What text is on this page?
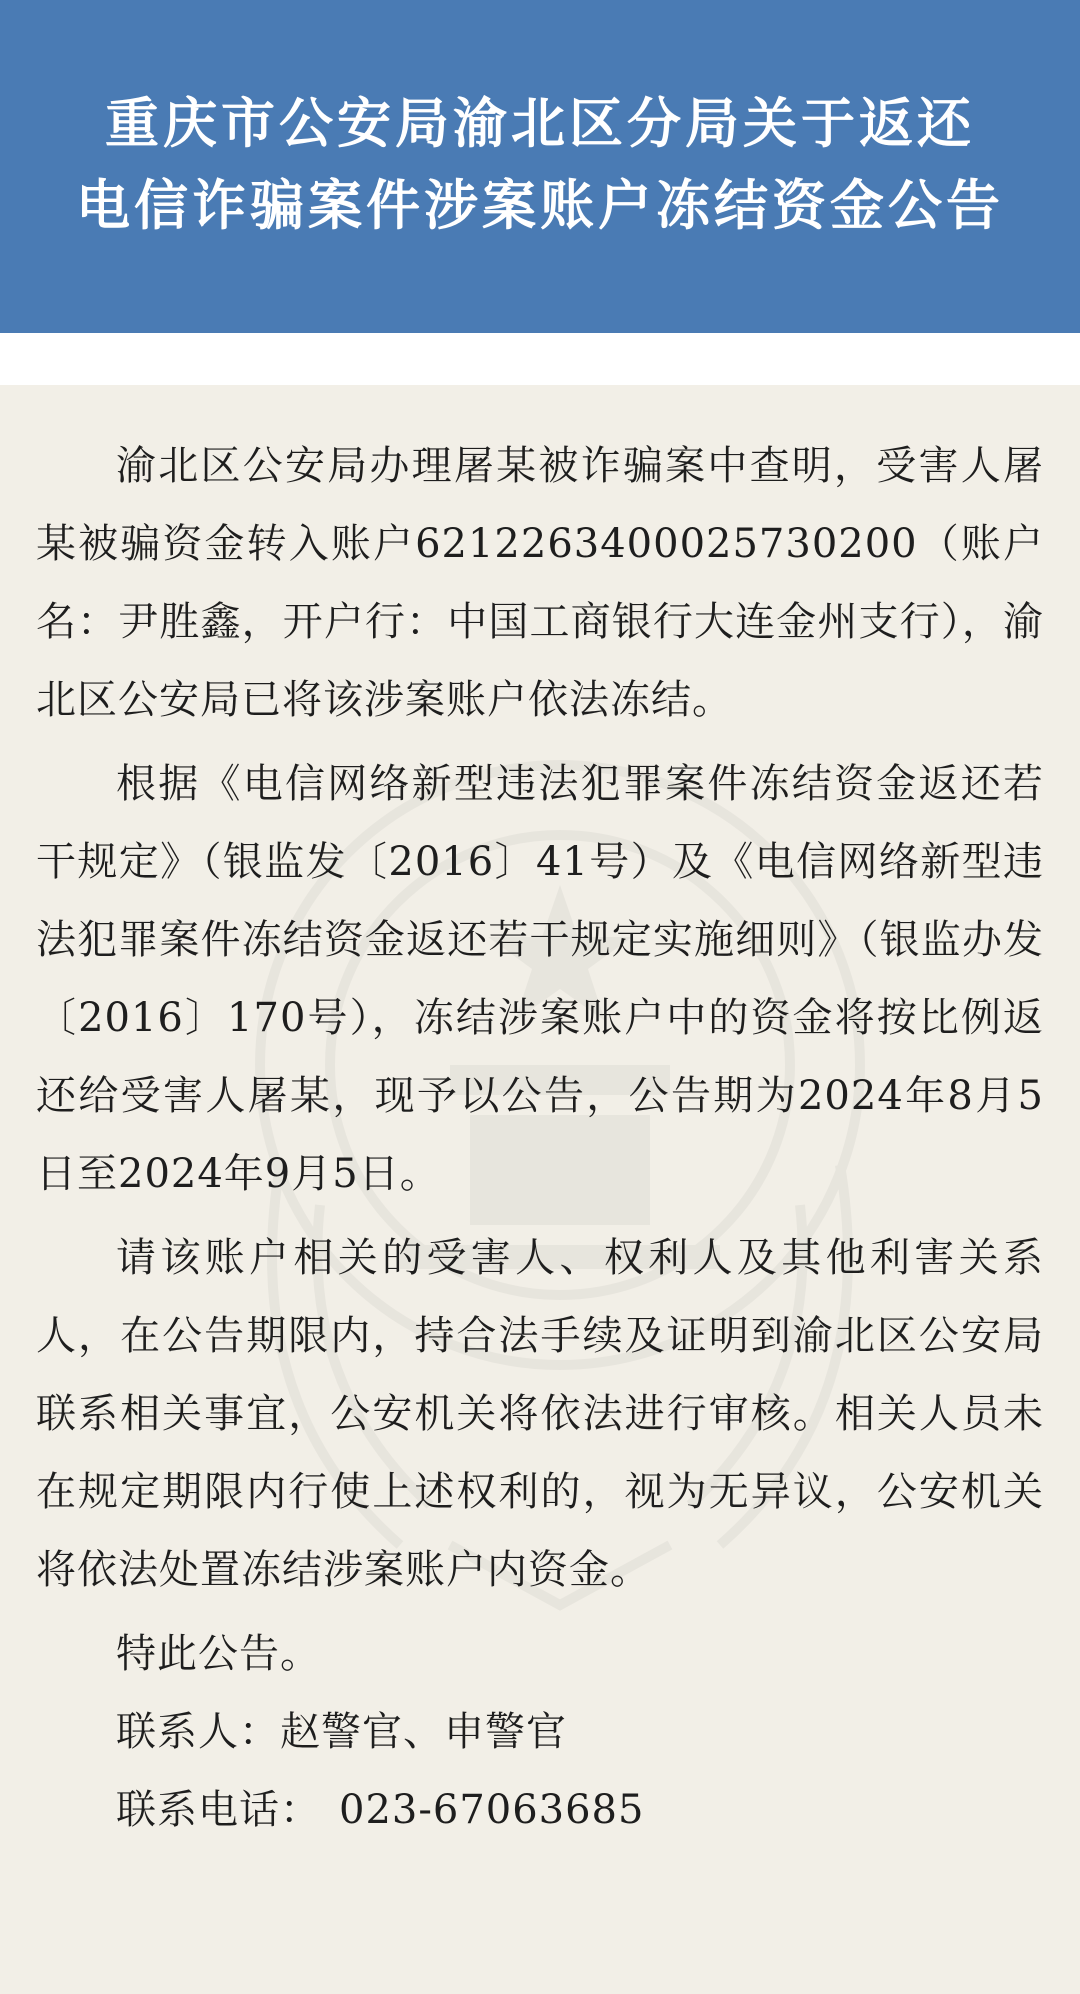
重庆市公安局渝北区分局关于返还
电信诈骗案件涉案账户冻结资金公告

渝北区公安局办理屠某被诈骗案中查明，受害人屠某被骗资金转入账户6212263400025730200（账户名：尹胜鑫，开户行：中国工商银行大连金州支行），渝北区公安局已将该涉案账户依法冻结。

根据《电信网络新型违法犯罪案件冻结资金返还若干规定》（银监发〔2016〕41号）及《电信网络新型违法犯罪案件冻结资金返还若干规定实施细则》（银监办发〔2016〕170号），冻结涉案账户中的资金将按比例返还给受害人屠某，现予以公告，公告期为2024年8月5日至2024年9月5日。

请该账户相关的受害人、权利人及其他利害关系人，在公告期限内，持合法手续及证明到渝北区公安局联系相关事宜，公安机关将依法进行审核。相关人员未在规定期限内行使上述权利的，视为无异议，公安机关将依法处置冻结涉案账户内资金。

特此公告。

联系人：赵警官、申警官

联系电话： 023-67063685
